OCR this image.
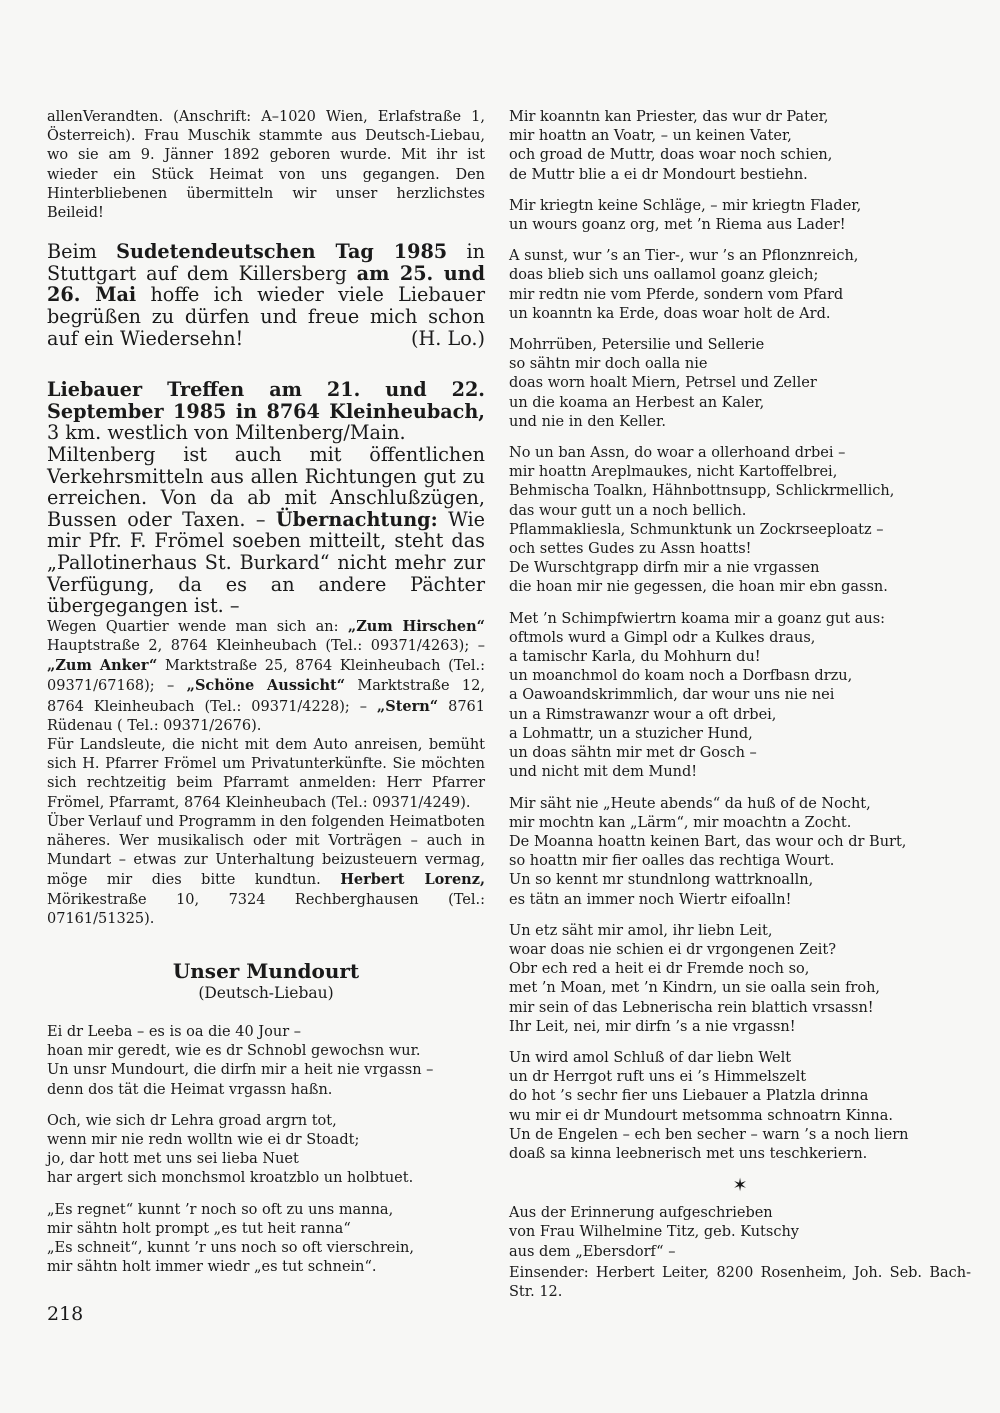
allenVerandten. (Anschrift: A–1020 Wien, Erlafstraße 1, Österreich). Frau Muschik stammte aus Deutsch-Liebau, wo sie am 9. Jänner 1892 geboren wurde. Mit ihr ist wieder ein Stück Heimat von uns gegangen. Den Hinterbliebenen übermitteln wir unser herzlichstes Beileid!

Beim Sudetendeutschen Tag 1985 in Stuttgart auf dem Killersberg am 25. und 26. Mai hoffe ich wieder viele Liebauer begrüßen zu dürfen und freue mich schon auf ein Wiedersehn!	(H. Lo.)

Liebauer Treffen am 21. und 22. September 1985 in 8764 Kleinheubach, 3 km. westlich von Miltenberg/Main.

Miltenberg ist auch mit öffentlichen Verkehrsmitteln aus allen Richtungen gut zu erreichen. Von da ab mit Anschlußzügen, Bussen oder Taxen. – Übernachtung: Wie mir Pfr. F. Frömel soeben mitteilt, steht das „Pallotinerhaus St. Burkard“ nicht mehr zur Verfügung, da es an andere Pächter übergegangen ist. –

Wegen Quartier wende man sich an: „Zum Hirschen“ Hauptstraße 2, 8764 Kleinheubach (Tel.: 09371/4263); – „Zum Anker“ Marktstraße 25, 8764 Kleinheubach (Tel.: 09371/67168); – „Schöne Aussicht“ Marktstraße 12, 8764 Kleinheubach (Tel.: 09371/4228); – „Stern“ 8761 Rüdenau ( Tel.: 09371/2676).

Für Landsleute, die nicht mit dem Auto anreisen, bemüht sich H. Pfarrer Frömel um Privatunterkünfte. Sie möchten sich rechtzeitig beim Pfarramt anmelden: Herr Pfarrer Frömel, Pfarramt, 8764 Kleinheubach (Tel.: 09371/4249).

Über Verlauf und Programm in den folgenden Heimatboten näheres. Wer musikalisch oder mit Vorträgen – auch in Mundart – etwas zur Unterhaltung beizusteuern vermag, möge mir dies bitte kundtun. Herbert Lorenz, Mörikestraße 10, 7324 Rechberghausen (Tel.: 07161/51325).

Unser Mundourt
(Deutsch-Liebau)
Ei dr Leeba – es is oa die 40 Jour –
hoan mir geredt, wie es dr Schnobl gewochsn wur.
Un unsr Mundourt, die dirfn mir a heit nie vrgassn –
denn dos tät die Heimat vrgassn haßn.
Och, wie sich dr Lehra groad argrn tot,
wenn mir nie redn wolltn wie ei dr Stoadt;
jo, dar hott met uns sei lieba Nuet
har argert sich monchsmol kroatzblo un holbtuet.
„Es regnet“ kunnt ’r noch so oft zu uns manna,
mir sähtn holt prompt „es tut heit ranna“
„Es schneit“, kunnt ’r uns noch so oft vierschrein,
mir sähtn holt immer wiedr „es tut schnein“.
218
Mir koanntn kan Priester, das wur dr Pater,
mir hoattn an Voatr, – un keinen Vater,
och groad de Muttr, doas woar noch schien,
de Muttr blie a ei dr Mondourt bestiehn.
Mir kriegtn keine Schläge, – mir kriegtn Flader,
un wours goanz org, met ’n Riema aus Lader!
A sunst, wur ’s an Tier-, wur ’s an Pflonznreich,
doas blieb sich uns oallamol goanz gleich;
mir redtn nie vom Pferde, sondern vom Pfard
un koanntn ka Erde, doas woar holt de Ard.
Mohrrüben, Petersilie und Sellerie
so sähtn mir doch oalla nie
doas worn hoalt Miern, Petrsel und Zeller
un die koama an Herbest an Kaler,
und nie in den Keller.
No un ban Assn, do woar a ollerhoand drbei –
mir hoattn Areplmaukes, nicht Kartoffelbrei,
Behmischa Toalkn, Hähnbottnsupp, Schlickrmellich,
das wour gutt un a noch bellich.
Pflammakliesla, Schmunktunk un Zockrseeploatz –
och settes Gudes zu Assn hoatts!
De Wurschtgrapp dirfn mir a nie vrgassen
die hoan mir nie gegessen, die hoan mir ebn gassn.
Met ’n Schimpfwiertrn koama mir a goanz gut aus:
oftmols wurd a Gimpl odr a Kulkes draus,
a tamischr Karla, du Mohhurn du!
un moanchmol do koam noch a Dorfbasn drzu,
a Oawoandskrimmlich, dar wour uns nie nei
un a Rimstrawanzr wour a oft drbei,
a Lohmattr, un a stuzicher Hund,
un doas sähtn mir met dr Gosch –
und nicht mit dem Mund!
Mir säht nie „Heute abends“ da huß of de Nocht,
mir mochtn kan „Lärm“, mir moachtn a Zocht.
De Moanna hoattn keinen Bart, das wour och dr Burt,
so hoattn mir fier oalles das rechtiga Wourt.
Un so kennt mr stundnlong wattrknoalln,
es tätn an immer noch Wiertr eifoalln!
Un etz säht mir amol, ihr liebn Leit,
woar doas nie schien ei dr vrgongenen Zeit?
Obr ech red a heit ei dr Fremde noch so,
met ’n Moan, met ’n Kindrn, un sie oalla sein froh,
mir sein of das Lebnerischa rein blattich vrsassn!
Ihr Leit, nei, mir dirfn ’s a nie vrgassn!
Un wird amol Schluß of dar liebn Welt
un dr Herrgot ruft uns ei ’s Himmelszelt
do hot ’s sechr fier uns Liebauer a Platzla drinna
wu mir ei dr Mundourt metsomma schnoatrn Kinna.
Un de Engelen – ech ben secher – warn ’s a noch liern
doaß sa kinna leebnerisch met uns teschkeriern.
✶
Aus der Erinnerung aufgeschrieben
von Frau Wilhelmine Titz, geb. Kutschy
aus dem „Ebersdorf“ –

Einsender: Herbert Leiter, 8200 Rosenheim, Joh. Seb. Bach-Str. 12.
